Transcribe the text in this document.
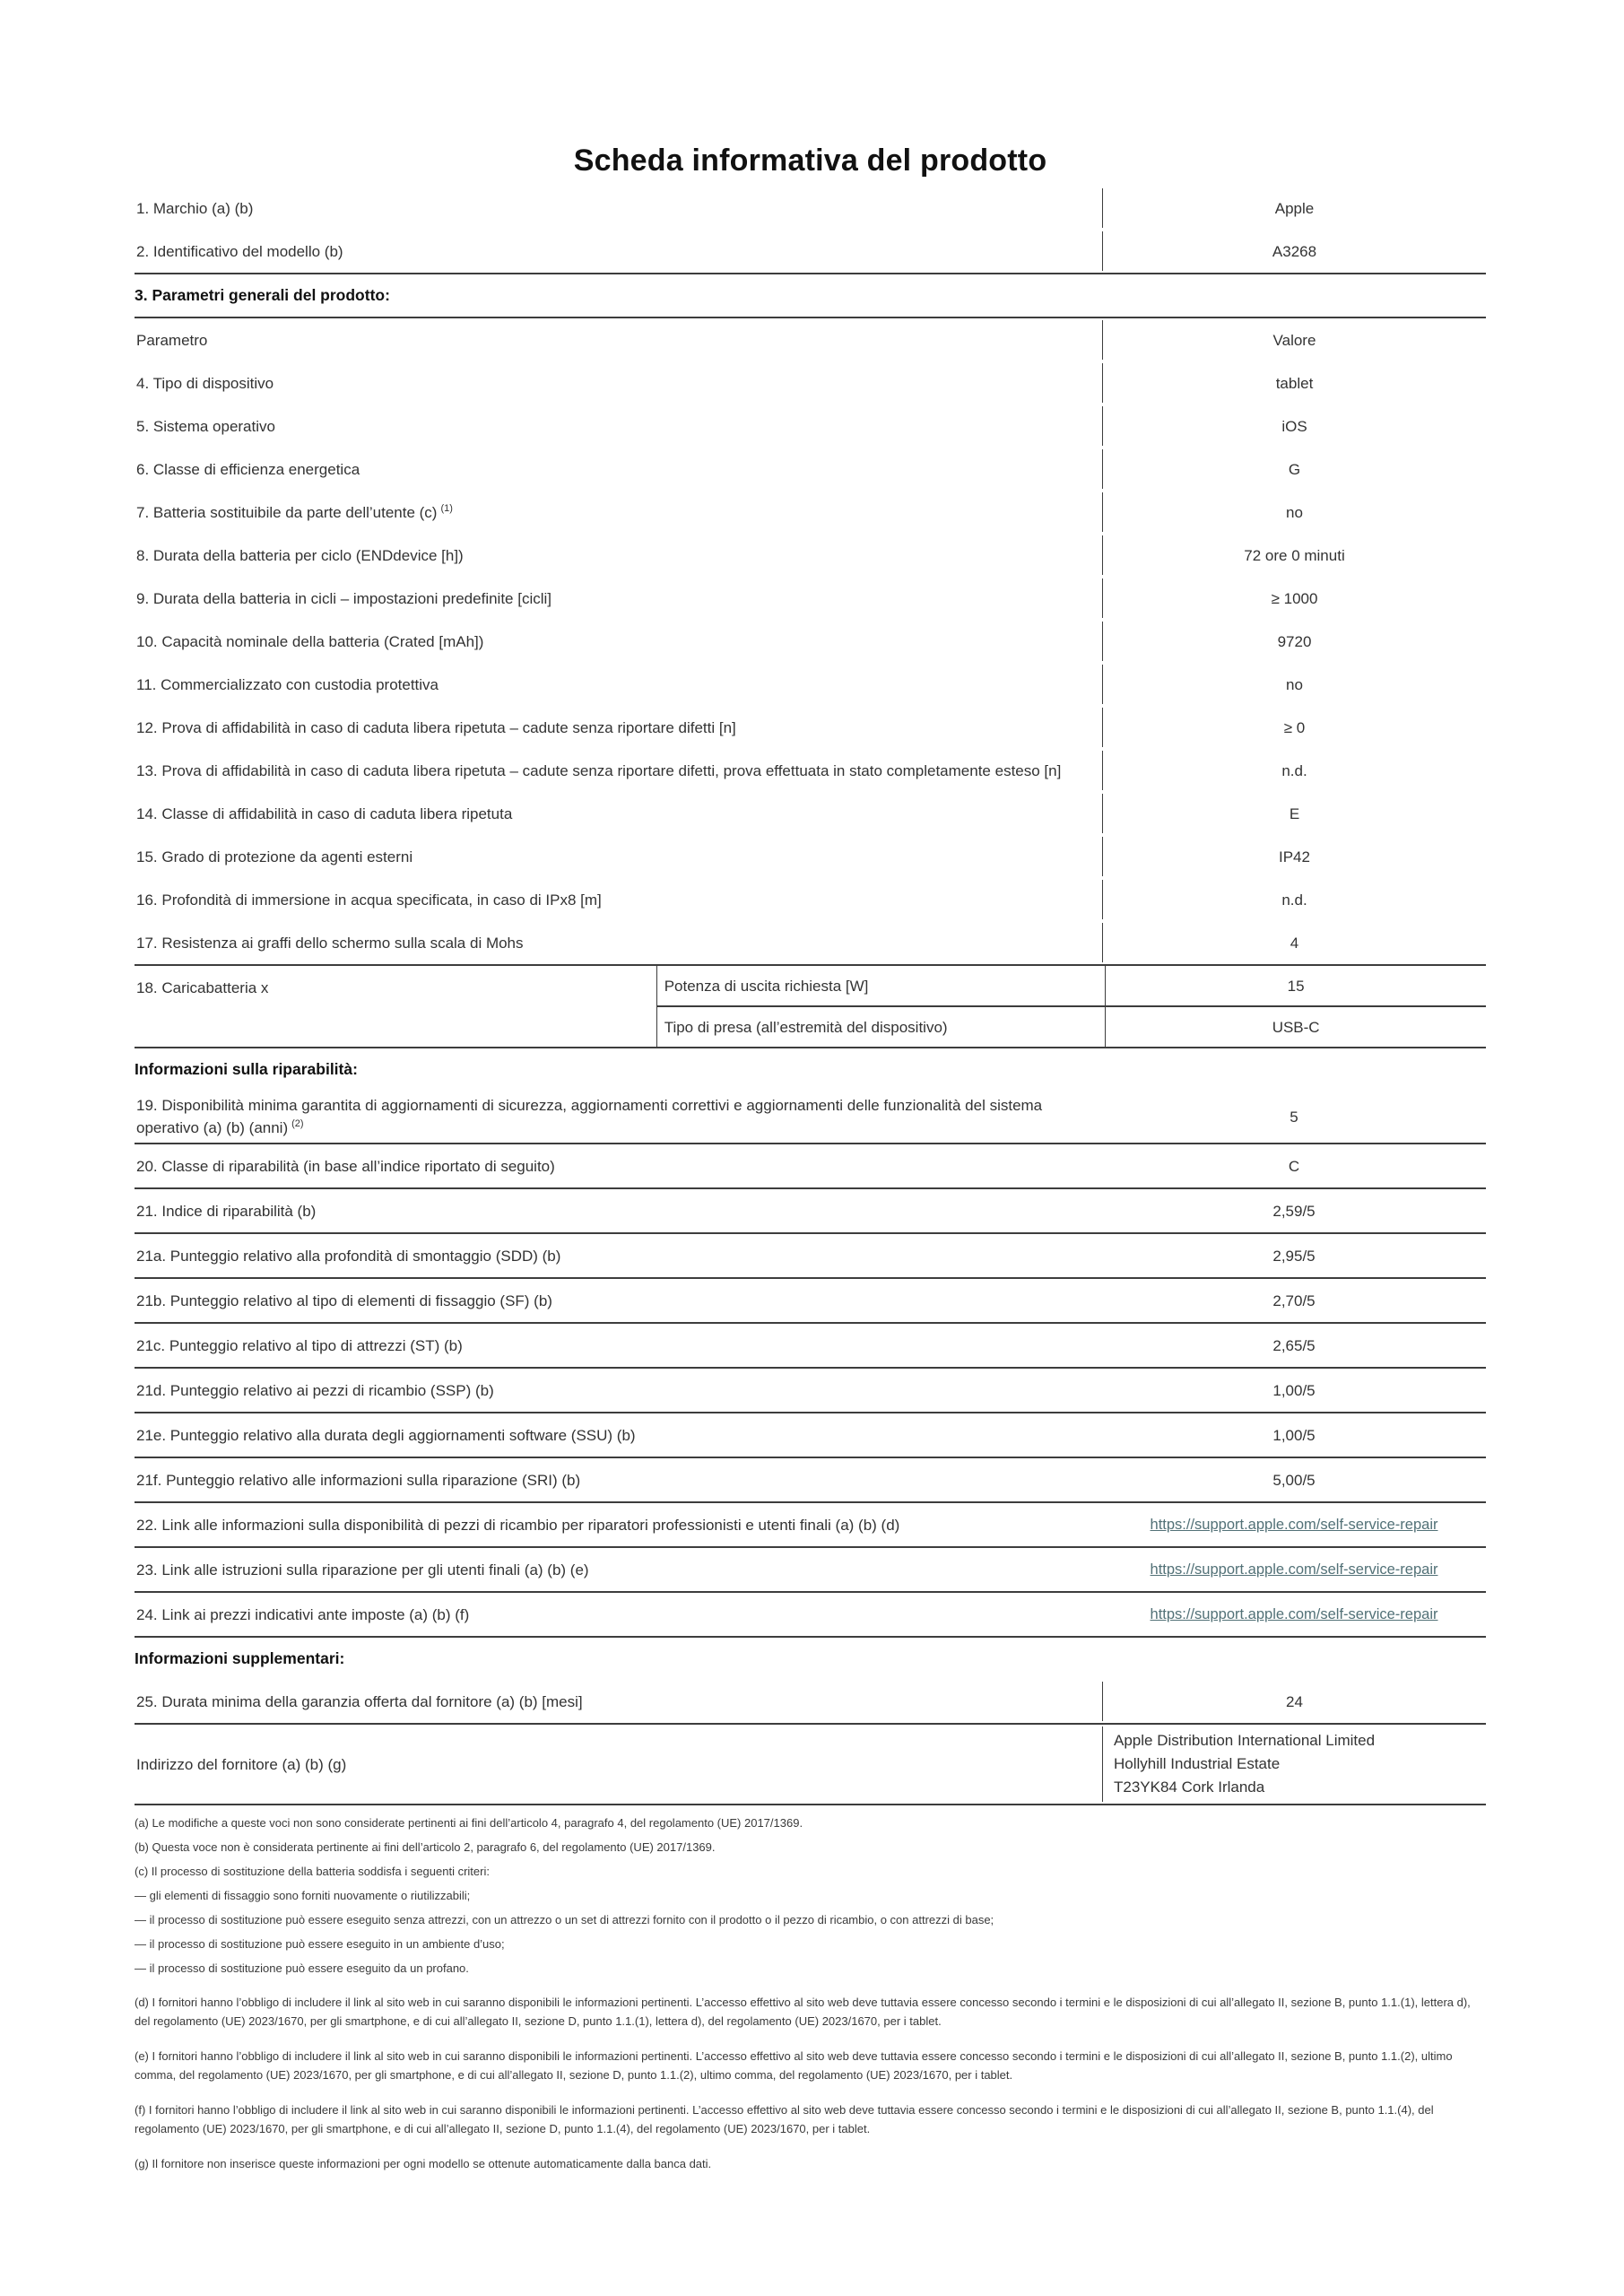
Scheda informativa del prodotto
1. Marchio (a) (b)	Apple
2. Identificativo del modello (b)	A3268
3. Parametri generali del prodotto:
Parametro	Valore
4. Tipo di dispositivo	tablet
5. Sistema operativo	iOS
6. Classe di efficienza energetica	G
7. Batteria sostituibile da parte dell’utente (c) $^{(1)}$	no
8. Durata della batteria per ciclo (ENDdevice [h])	72 ore 0 minuti
9. Durata della batteria in cicli – impostazioni predefinite [cicli]	≥ 1000
10. Capacità nominale della batteria (Crated [mAh])	9720
11. Commercializzato con custodia protettiva	no
12. Prova di affidabilità in caso di caduta libera ripetuta – cadute senza riportare difetti [n]	≥ 0
13. Prova di affidabilità in caso di caduta libera ripetuta – cadute senza riportare difetti, prova effettuata in stato completamente esteso [n]	n.d.
14. Classe di affidabilità in caso di caduta libera ripetuta	E
15. Grado di protezione da agenti esterni	IP42
16. Profondità di immersione in acqua specificata, in caso di IPx8 [m]	n.d.
17. Resistenza ai graffi dello schermo sulla scala di Mohs	4
18. Caricabatteria x	Potenza di uscita richiesta [W]	15
Tipo di presa (all’estremità del dispositivo)	USB-C
Informazioni sulla riparabilità:
19. Disponibilità minima garantita di aggiornamenti di sicurezza, aggiornamenti correttivi e aggiornamenti delle funzionalità del sistema operativo (a) (b) (anni) $^{(2)}$	5
20. Classe di riparabilità (in base all’indice riportato di seguito)	C
21. Indice di riparabilità (b)	2,59/5
21a. Punteggio relativo alla profondità di smontaggio (SDD) (b)	2,95/5
21b. Punteggio relativo al tipo di elementi di fissaggio (SF) (b)	2,70/5
21c. Punteggio relativo al tipo di attrezzi (ST) (b)	2,65/5
21d. Punteggio relativo ai pezzi di ricambio (SSP) (b)	1,00/5
21e. Punteggio relativo alla durata degli aggiornamenti software (SSU) (b)	1,00/5
21f. Punteggio relativo alle informazioni sulla riparazione (SRI) (b)	5,00/5
22. Link alle informazioni sulla disponibilità di pezzi di ricambio per riparatori professionisti e utenti finali (a) (b) (d)	https://support.apple.com/self-service-repair
23. Link alle istruzioni sulla riparazione per gli utenti finali (a) (b) (e)	https://support.apple.com/self-service-repair
24. Link ai prezzi indicativi ante imposte (a) (b) (f)	https://support.apple.com/self-service-repair
Informazioni supplementari:
25. Durata minima della garanzia offerta dal fornitore (a) (b) [mesi]	24
Indirizzo del fornitore (a) (b) (g)
Apple Distribution International Limited
Hollyhill Industrial Estate
T23YK84 Cork Irlanda

(a) Le modifiche a queste voci non sono considerate pertinenti ai fini dell’articolo 4, paragrafo 4, del regolamento (UE) 2017/1369.

(b) Questa voce non è considerata pertinente ai fini dell’articolo 2, paragrafo 6, del regolamento (UE) 2017/1369.

(c) Il processo di sostituzione della batteria soddisfa i seguenti criteri:

— gli elementi di fissaggio sono forniti nuovamente o riutilizzabili;

— il processo di sostituzione può essere eseguito senza attrezzi, con un attrezzo o un set di attrezzi fornito con il prodotto o il pezzo di ricambio, o con attrezzi di base;

— il processo di sostituzione può essere eseguito in un ambiente d’uso;

— il processo di sostituzione può essere eseguito da un profano.

(d) I fornitori hanno l’obbligo di includere il link al sito web in cui saranno disponibili le informazioni pertinenti. L’accesso effettivo al sito web deve tuttavia essere concesso secondo i termini e le disposizioni di cui all’allegato II, sezione B, punto 1.1.(1), lettera d), del regolamento (UE) 2023/1670, per gli smartphone, e di cui all’allegato II, sezione D, punto 1.1.(1), lettera d), del regolamento (UE) 2023/1670, per i tablet.

(e) I fornitori hanno l’obbligo di includere il link al sito web in cui saranno disponibili le informazioni pertinenti. L’accesso effettivo al sito web deve tuttavia essere concesso secondo i termini e le disposizioni di cui all’allegato II, sezione B, punto 1.1.(2), ultimo comma, del regolamento (UE) 2023/1670, per gli smartphone, e di cui all’allegato II, sezione D, punto 1.1.(2), ultimo comma, del regolamento (UE) 2023/1670, per i tablet.

(f) I fornitori hanno l’obbligo di includere il link al sito web in cui saranno disponibili le informazioni pertinenti. L’accesso effettivo al sito web deve tuttavia essere concesso secondo i termini e le disposizioni di cui all’allegato II, sezione B, punto 1.1.(4), del regolamento (UE) 2023/1670, per gli smartphone, e di cui all’allegato II, sezione D, punto 1.1.(4), del regolamento (UE) 2023/1670, per i tablet.

(g) Il fornitore non inserisce queste informazioni per ogni modello se ottenute automaticamente dalla banca dati.
